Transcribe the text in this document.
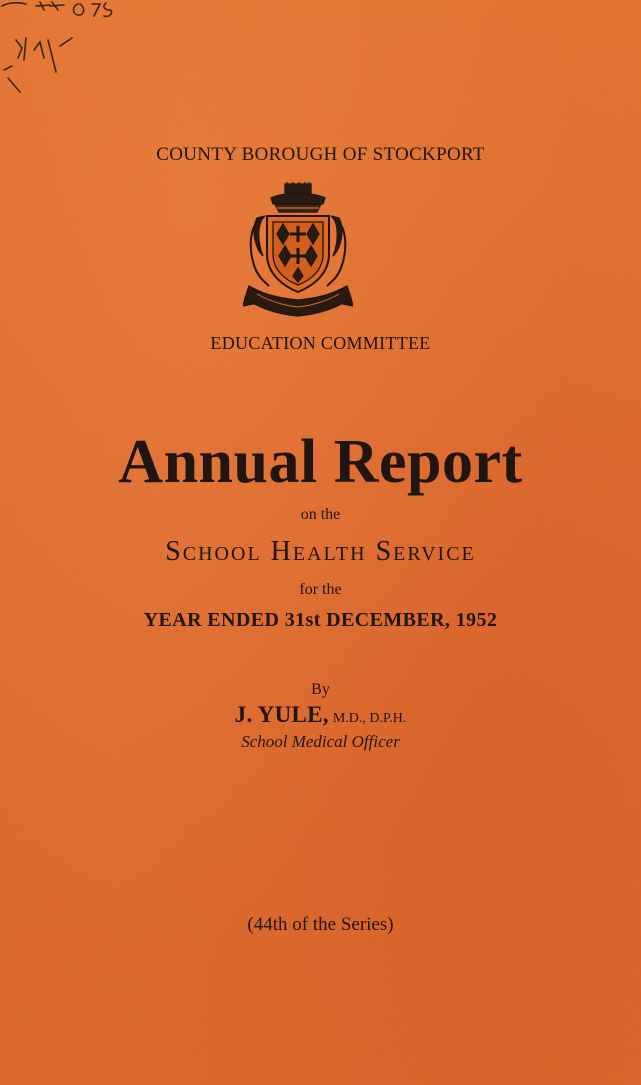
COUNTY BOROUGH OF STOCKPORT
EDUCATION COMMITTEE
Annual Report
on the
School Health Service
for the
YEAR ENDED 31st DECEMBER, 1952
By
J. YULE, M.D., D.P.H.
School Medical Officer
(44th of the Series)
